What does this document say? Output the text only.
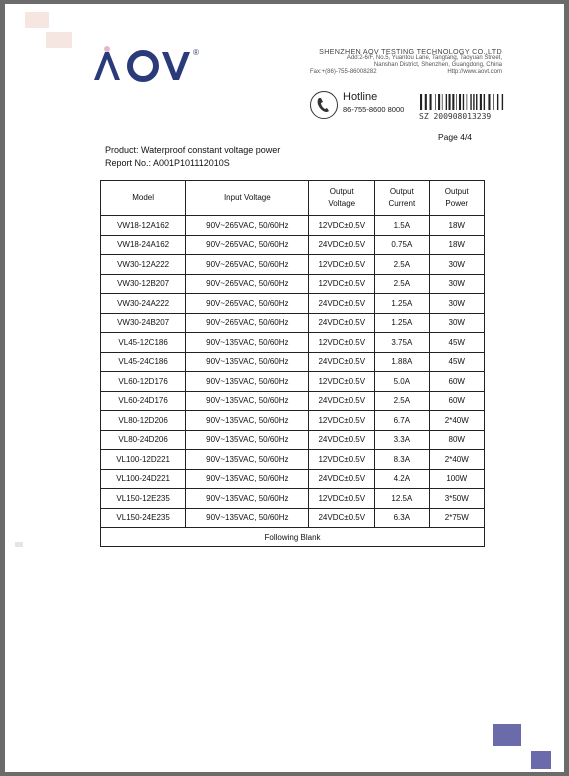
®	SHENZHEN AOV TESTING TECHNOLOGY CO.,LTD
Add:2-6/F, No.5, Yuantou Lane, Tangtang, Taoyuan Street,
Nanshan District, Shenzhen, Guangdong, China
Fax:+(86)-755-86008282	Http://www.aovt.com
Hotline
86-755-8600 8000
SZ 200908013239
Page 4/4
Product: Waterproof constant voltage power
Report No.: A001P101112010S
Model	Input Voltage	Output Voltage	Output Current	Output Power
VW18-12A162	90V~265VAC, 50/60Hz	12VDC±0.5V	1.5A	18W
VW18-24A162	90V~265VAC, 50/60Hz	24VDC±0.5V	0.75A	18W
VW30-12A222	90V~265VAC, 50/60Hz	12VDC±0.5V	2.5A	30W
VW30-12B207	90V~265VAC, 50/60Hz	12VDC±0.5V	2.5A	30W
VW30-24A222	90V~265VAC, 50/60Hz	24VDC±0.5V	1.25A	30W
VW30-24B207	90V~265VAC, 50/60Hz	24VDC±0.5V	1.25A	30W
VL45-12C186	90V~135VAC, 50/60Hz	12VDC±0.5V	3.75A	45W
VL45-24C186	90V~135VAC, 50/60Hz	24VDC±0.5V	1.88A	45W
VL60-12D176	90V~135VAC, 50/60Hz	12VDC±0.5V	5.0A	60W
VL60-24D176	90V~135VAC, 50/60Hz	24VDC±0.5V	2.5A	60W
VL80-12D206	90V~135VAC, 50/60Hz	12VDC±0.5V	6.7A	2*40W
VL80-24D206	90V~135VAC, 50/60Hz	24VDC±0.5V	3.3A	80W
VL100-12D221	90V~135VAC, 50/60Hz	12VDC±0.5V	8.3A	2*40W
VL100-24D221	90V~135VAC, 50/60Hz	24VDC±0.5V	4.2A	100W
VL150-12E235	90V~135VAC, 50/60Hz	12VDC±0.5V	12.5A	3*50W
VL150-24E235	90V~135VAC, 50/60Hz	24VDC±0.5V	6.3A	2*75W
Following Blank				
